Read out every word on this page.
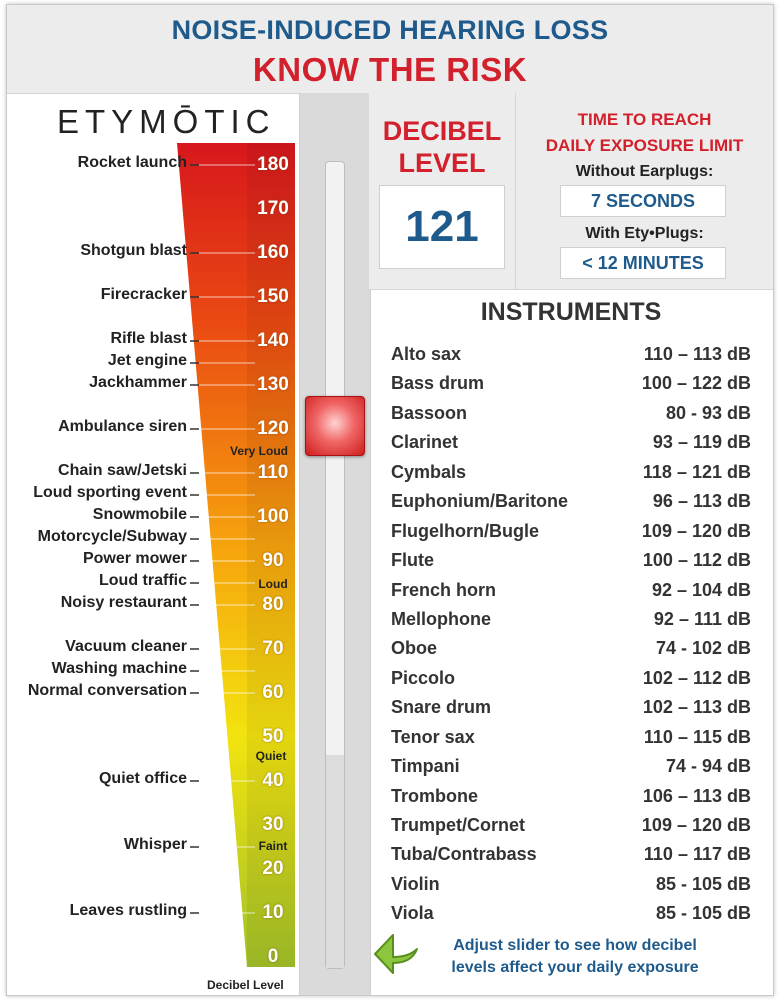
NOISE-INDUCED HEARING LOSS
KNOW THE RISK
ETYMŌTIC
Rocket launch
Shotgun blast
Firecracker
Rifle blast
Jet engine
Jackhammer
Ambulance siren
Chain saw/Jetski
Loud sporting event
Snowmobile
Motorcycle/Subway
Power mower
Loud traffic
Noisy restaurant
Vacuum cleaner
Washing machine
Normal conversation
Quiet office
Whisper
Leaves rustling
180
170
160
150
140
130
120
110
100
90
80
70
60
50
40
30
20
10
0
Very Loud
Loud
Quiet
Faint
Decibel Level
DECIBEL
LEVEL
121
TIME TO REACH
DAILY EXPOSURE LIMIT
Without Earplugs:
7 SECONDS
With Ety•Plugs:
< 12 MINUTES
INSTRUMENTS
Alto sax	110 – 113 dB
Bass drum	100 – 122 dB
Bassoon	80 - 93 dB
Clarinet	93 – 119 dB
Cymbals	118 – 121 dB
Euphonium/Baritone	96 – 113 dB
Flugelhorn/Bugle	109 – 120 dB
Flute	100 – 112 dB
French horn	92 – 104 dB
Mellophone	92 – 111 dB
Oboe	74 - 102 dB
Piccolo	102 – 112 dB
Snare drum	102 – 113 dB
Tenor sax	110 – 115 dB
Timpani	74 - 94 dB
Trombone	106 – 113 dB
Trumpet/Cornet	109 – 120 dB
Tuba/Contrabass	110 – 117 dB
Violin	85 - 105 dB
Viola	85 - 105 dB
Adjust slider to see how decibel
levels affect your daily exposure
